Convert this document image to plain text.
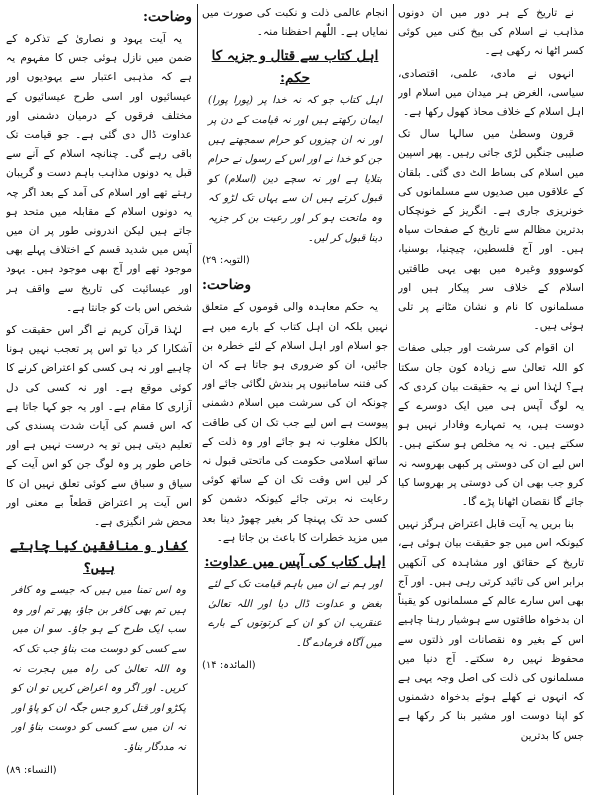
نے تاریخ کے ہر دور میں ان دونوں مذاہب نے اسلام کی بیخ کنی میں کوئی کسر اٹھا نہ رکھی ہے۔

انہوں نے مادی، علمی، اقتصادی، سیاسی، الغرض ہر میدان میں اسلام اور اہل اسلام کے خلاف محاذ کھول رکھا ہے۔

قرون وسطیٰ میں سالہا سال تک صلیبی جنگیں لڑی جاتی رہیں۔ پھر اسپین میں اسلام کی بساط الٹ دی گئی۔ بلقان کے علاقوں میں صدیوں سے مسلمانوں کی خونریزی جاری ہے۔ انگریز کے خونچکاں بدترین مظالم سے تاریخ کے صفحات سیاہ ہیں۔ اور آج فلسطین، چیچنیا، بوسنیا، کوسووو وغیرہ میں بھی یہی طاقتیں اسلام کے خلاف سر پیکار ہیں اور مسلمانوں کا نام و نشان مٹانے پر تلی ہوئی ہیں۔

ان اقوام کی سرشت اور جبلی صفات کو اللہ تعالیٰ سے زیادہ کون جان سکتا ہے؟ لہٰذا اس نے یہ حقیقت بیان کردی کہ یہ لوگ آپس ہی میں ایک دوسرے کے دوست ہیں، یہ تمہارے وفادار نہیں ہو سکتے ہیں۔ نہ یہ مخلص ہو سکتے ہیں۔ اس لیے ان کی دوستی پر کبھی بھروسہ نہ کرو جب بھی ان کی دوستی پر بھروسا کیا جائے گا نقصان اٹھانا پڑے گا۔

بنا بریں یہ آیت قابل اعتراض ہرگز نہیں کیونکہ اس میں جو حقیقت بیان ہوئی ہے، تاریخ کے حقائق اور مشاہدہ کی آنکھیں برابر اس کی تائید کرتی رہی ہیں۔ اور آج بھی اس سارے عالم کے مسلمانوں کو یقیناً ان بدخواہ طاقتوں سے ہوشیار رہنا چاہیے اس کے بغیر وہ نقصانات اور ذلتوں سے محفوظ نہیں رہ سکتے۔ آج دنیا میں مسلمانوں کی ذلت کی اصل وجہ یہی ہے کہ انہوں نے کھلے ہوئے بدخواہ دشمنوں کو اپنا دوست اور مشیر بنا کر رکھا ہے جس کا بدترین

انجام عالمی ذلت و نکبت کی صورت میں نمایاں ہے۔ اللّٰھم احفظنا منہ۔

اہل کتاب سے قتال و جزیہ کا حکم:

اہل کتاب جو کہ نہ خدا پر (پورا پورا) ایمان رکھتے ہیں اور نہ قیامت کے دن پر اور نہ ان چیزوں کو حرام سمجھتے ہیں جن کو خدا نے اور اس کے رسول نے حرام بتلایا ہے اور نہ سچے دین (اسلام) کو قبول کرتے ہیں ان سے یہاں تک لڑو کہ وہ ماتحت ہو کر اور رعیت بن کر جزیہ دینا قبول کر لیں۔

(التوبہ: ۲۹)
وضاحت:

یہ حکم معاہدہ والی قوموں کے متعلق نہیں بلکہ ان اہل کتاب کے بارے میں ہے جو اسلام اور اہل اسلام کے لئے خطرہ بن جائیں، ان کو ضروری ہو جاتا ہے کہ ان کی فتنہ سامانیوں پر بندش لگائی جائے اور چونکہ ان کی سرشت میں اسلام دشمنی پیوست ہے اس لیے جب تک ان کی طاقت بالکل مغلوب نہ ہو جائے اور وہ ذلت کے ساتھ اسلامی حکومت کی ماتحتی قبول نہ کر لیں اس وقت تک ان کے ساتھ کوئی رعایت نہ برتی جائے کیونکہ دشمن کو کسی حد تک پہنچا کر بغیر چھوڑ دینا بعد میں مزید خطرات کا باعث بن جاتا ہے۔

اہل کتاب کی آپس میں عداوت:

اور ہم نے ان میں باہم قیامت تک کے لئے بغض و عداوت ڈال دیا اور اللہ تعالیٰ عنقریب ان کو ان کے کرتوتوں کے بارے میں آگاہ فرمادے گا۔

(المائدہ: ۱۴)
وضاحت:

یہ آیت یہود و نصاریٰ کے تذکرہ کے ضمن میں نازل ہوئی جس کا مفہوم یہ ہے کہ مذہبی اعتبار سے یہودیوں اور عیسائیوں اور اسی طرح عیسائیوں کے مختلف فرقوں کے درمیان دشمنی اور عداوت ڈال دی گئی ہے۔ جو قیامت تک باقی رہے گی۔ چنانچہ اسلام کے آنے سے قبل یہ دونوں مذاہب باہم دست و گریبان رہتے تھے اور اسلام کی آمد کے بعد اگر چہ یہ دونوں اسلام کے مقابلہ میں متحد ہو جاتے ہیں لیکن اندرونی طور پر ان میں آپس میں شدید قسم کے اختلاف پہلے بھی موجود تھے اور آج بھی موجود ہیں۔ یہود اور عیسائیت کی تاریخ سے واقف ہر شخص اس بات کو جانتا ہے۔

لہٰذا قرآن کریم نے اگر اس حقیقت کو آشکارا کر دیا تو اس پر تعجب نہیں ہونا چاہیے اور نہ ہی کسی کو اعتراض کرنے کا کوئی موقع ہے۔ اور نہ کسی کی دل آزاری کا مقام ہے۔ اور یہ جو کہا جاتا ہے کہ اس قسم کی آیات شدت پسندی کی تعلیم دیتی ہیں تو یہ درست نہیں ہے اور خاص طور پر وہ لوگ جن کو اس آیت کے سیاق و سباق سے کوئی تعلق نہیں ان کا اس آیت پر اعتراض قطعاً بے معنی اور محض شر انگیزی ہے۔

کفار و منافقین کیا چاہتے ہیں؟

وہ اس تمنا میں ہیں کہ جیسے وہ کافر ہیں تم بھی کافر بن جاؤ، پھر تم اور وہ سب ایک طرح کے ہو جاؤ۔ سو ان میں سے کسی کو دوست مت بناؤ جب تک کہ وہ اللہ تعالیٰ کی راہ میں ہجرت نہ کریں۔ اور اگر وہ اعراض کریں تو ان کو پکڑو اور قتل کرو جس جگہ ان کو پاؤ اور نہ ان میں سے کسی کو دوست بناؤ اور نہ مددگار بناؤ۔

(النساء: ۸۹)
